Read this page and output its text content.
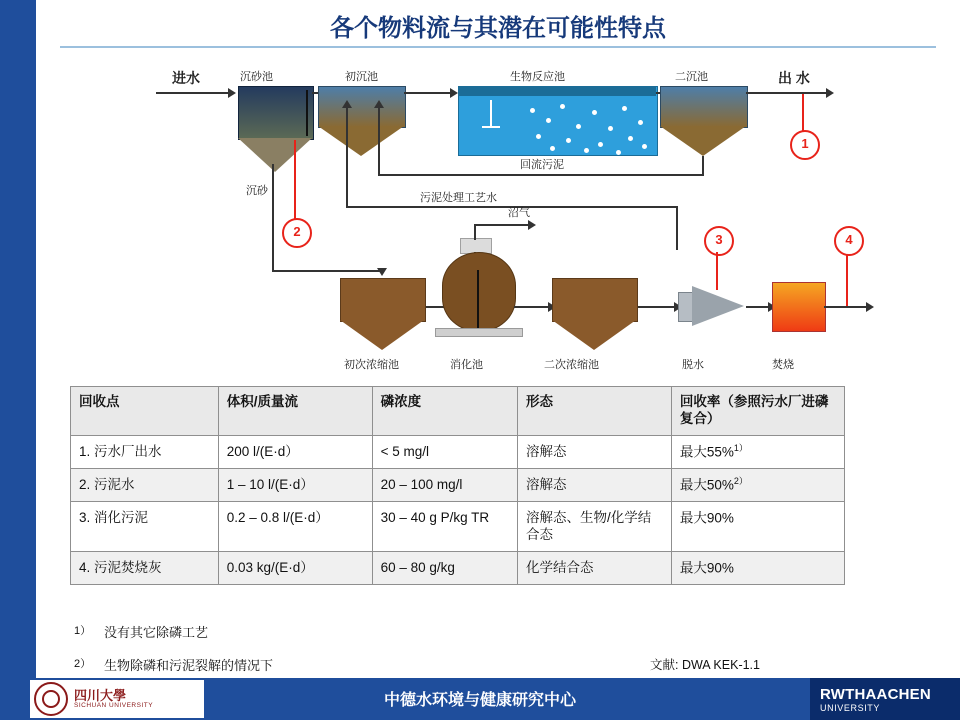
Sino-German Centre for Water and Health Research
各个物料流与其潜在可能性特点
进水	沉砂池	初沉池	生物反应池	二沉池	出 水
沉砂
1
回流污泥
污泥处理工艺水
2
初次浓缩池
沼气
消化池	二次浓缩池	脱水
3
焚烧
4
回收点	体积/质量流	磷浓度	形态	回收率（参照污水厂进磷复合）
1. 污水厂出水	200 l/(E·d）	< 5 mg/l	溶解态	最大55%$^{1)}$
2. 污泥水	1 – 10 l/(E·d）	20 – 100 mg/l	溶解态	最大50%$^{2)}$
3. 消化污泥	0.2 – 0.8 l/(E·d）	30 – 40 g P/kg TR	溶解态、生物/化学结合态	最大90%
4. 污泥焚烧灰	0.03 kg/(E·d）	60 – 80 g/kg	化学结合态	最大90%
1） 没有其它除磷工艺
2） 生物除磷和污泥裂解的情况下	文献: DWA KEK-1.1
四川大學
SICHUAN UNIVERSITY	中德水环境与健康研究中心	RWTHAACHEN
UNIVERSITY
